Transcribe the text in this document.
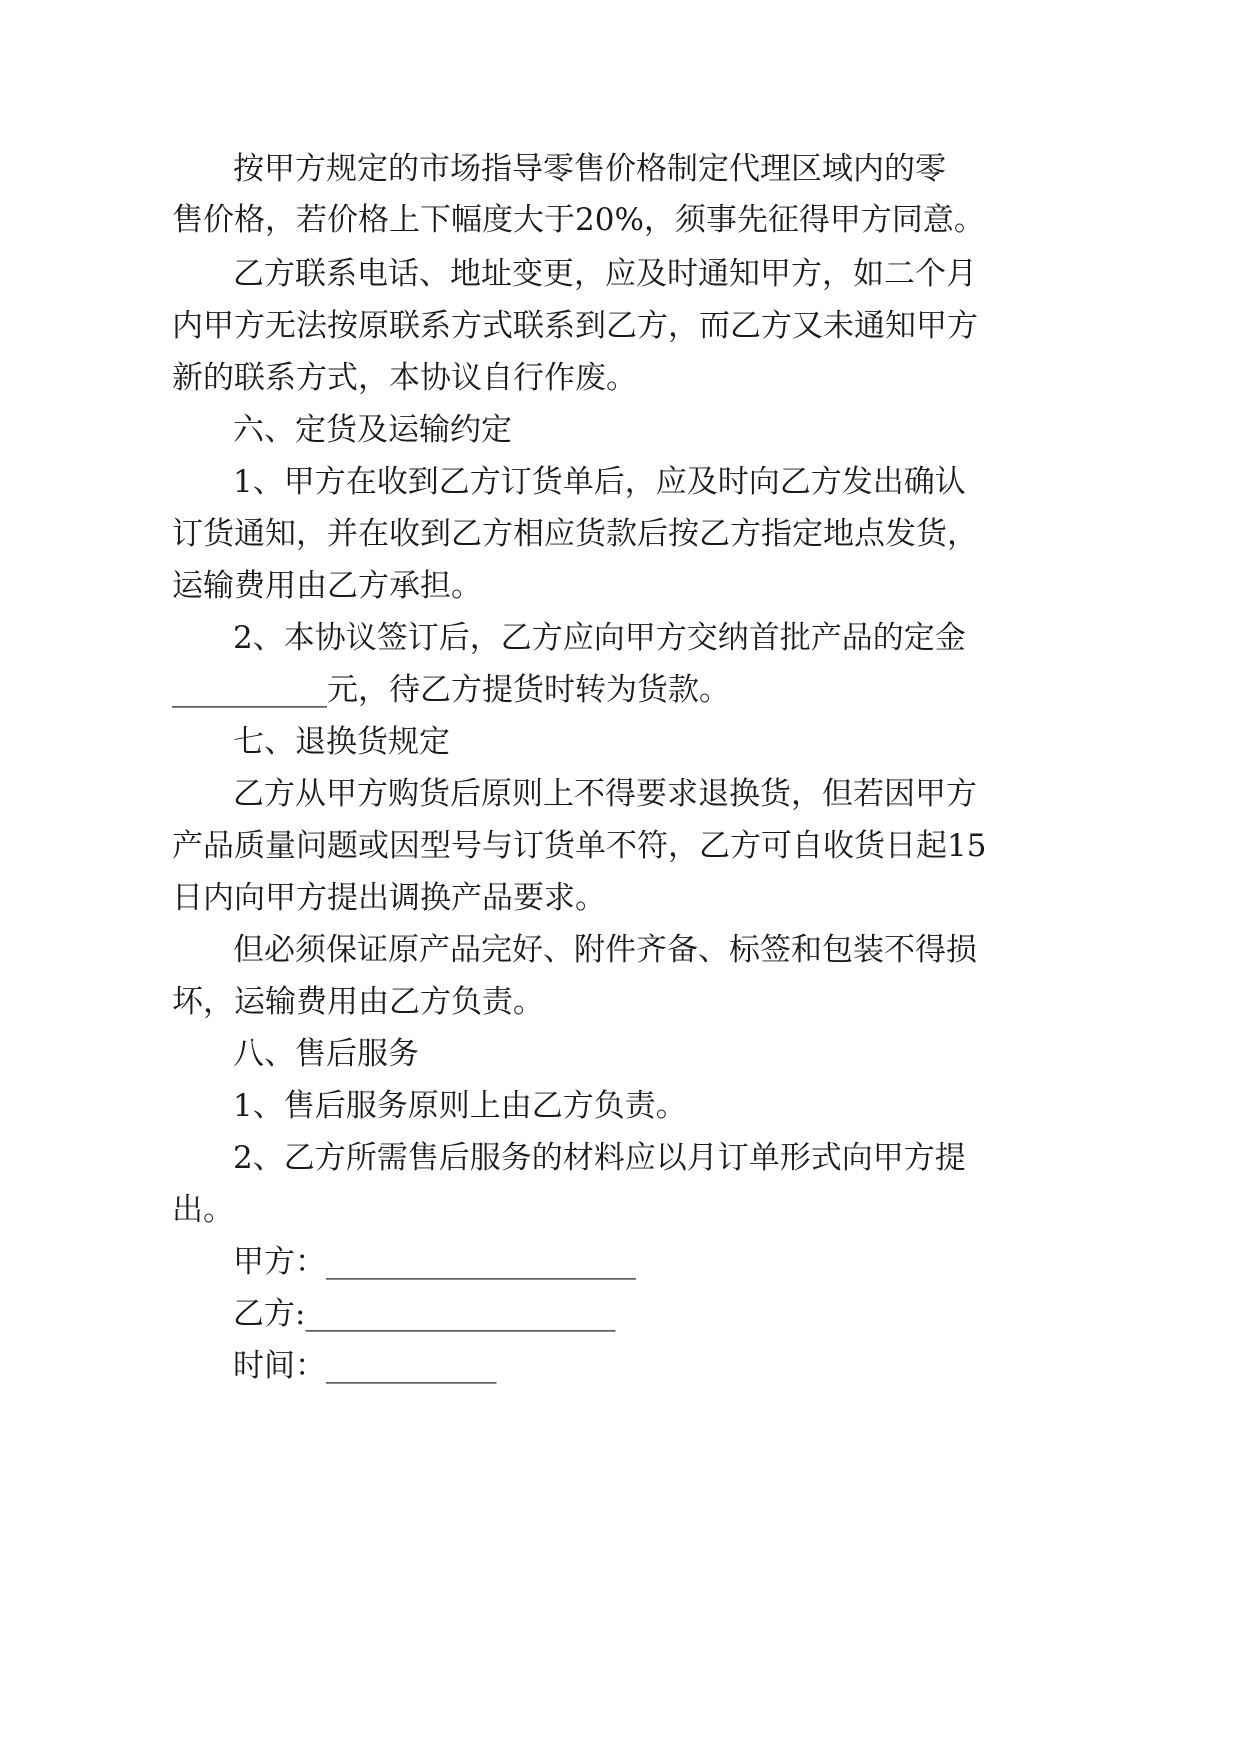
按甲方规定的市场指导零售价格制定代理区域内的零
售价格，若价格上下幅度大于20%，须事先征得甲方同意。
乙方联系电话、地址变更，应及时通知甲方，如二个月
内甲方无法按原联系方式联系到乙方，而乙方又未通知甲方
新的联系方式，本协议自行作废。
六、定货及运输约定
1、甲方在收到乙方订货单后，应及时向乙方发出确认
订货通知，并在收到乙方相应货款后按乙方指定地点发货，
运输费用由乙方承担。
2、本协议签订后，乙方应向甲方交纳首批产品的定金
__________元，待乙方提货时转为货款。
七、退换货规定
乙方从甲方购货后原则上不得要求退换货，但若因甲方
产品质量问题或因型号与订货单不符，乙方可自收货日起15
日内向甲方提出调换产品要求。
但必须保证原产品完好、附件齐备、标签和包装不得损
坏，运输费用由乙方负责。
八、售后服务
1、售后服务原则上由乙方负责。
2、乙方所需售后服务的材料应以月订单形式向甲方提
出。
甲方：____________________
乙方:____________________
时间：___________
